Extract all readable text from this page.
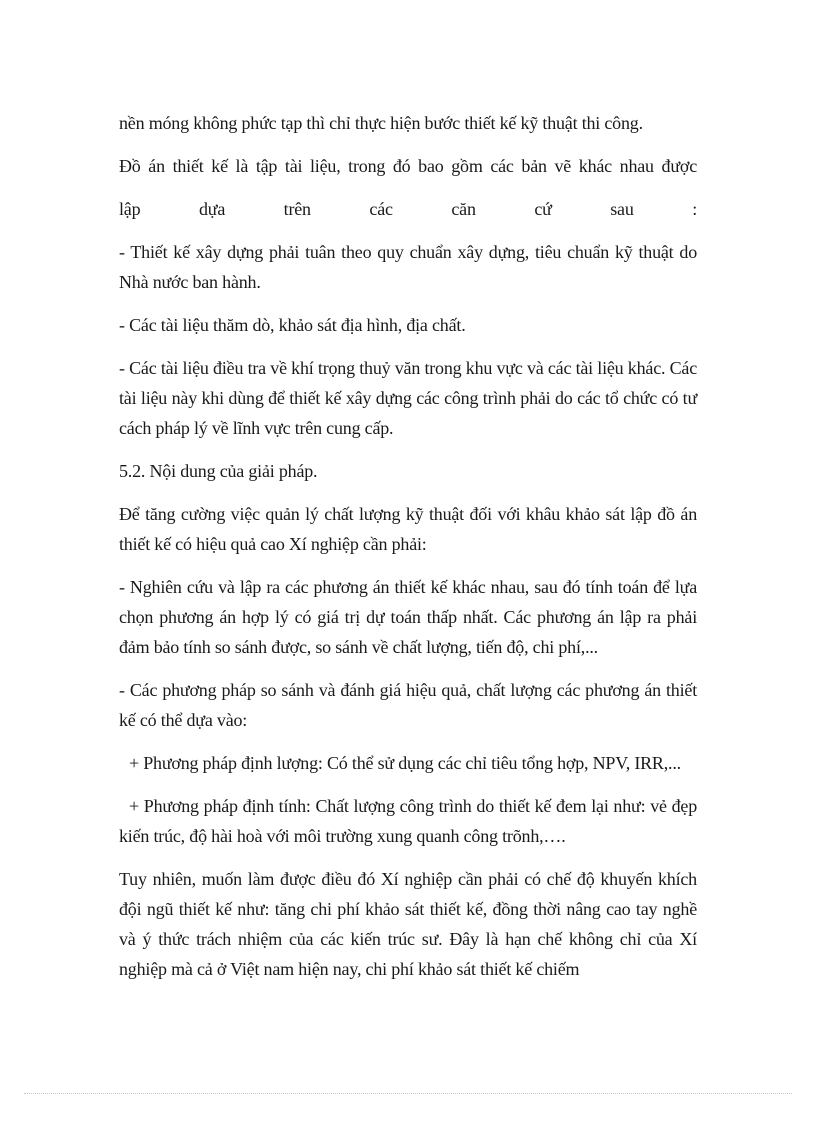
nền móng không phức tạp thì chỉ thực hiện bước thiết kế kỹ thuật thi công.

Đồ án thiết kế là tập tài liệu, trong đó bao gồm các bản vẽ khác nhau được

lập dựa trên các căn cứ sau :

- Thiết kế xây dựng phải tuân theo quy chuẩn xây dựng, tiêu chuẩn kỹ thuật do Nhà nước ban hành.

- Các tài liệu thăm dò, khảo sát địa hình, địa chất.

- Các tài liệu điều tra về khí trọng thuỷ văn trong khu vực và các tài liệu khác. Các tài liệu này khi dùng để thiết kế xây dựng các công trình phải do các tổ chức có tư cách pháp lý về lĩnh vực trên cung cấp.

5.2. Nội dung của giải pháp.

Để tăng cường việc quản lý chất lượng kỹ thuật đối với khâu khảo sát lập đồ án thiết kế có hiệu quả cao Xí nghiệp cần phải:

- Nghiên cứu và lập ra các phương án thiết kế khác nhau, sau đó tính toán để lựa chọn phương án hợp lý có giá trị dự toán thấp nhất. Các phương án lập ra phải đảm bảo tính so sánh được, so sánh về chất lượng, tiến độ, chi phí,...

- Các phương pháp so sánh và đánh giá hiệu quả, chất lượng các phương án thiết kế có thể dựa vào:

+ Phương pháp định lượng: Có thể sử dụng các chỉ tiêu tổng hợp, NPV, IRR,...

+ Phương pháp định tính: Chất lượng công trình do thiết kế đem lại như: vẻ đẹp kiến trúc, độ hài hoà với môi trường xung quanh công trõnh,….

Tuy nhiên, muốn làm được điều đó Xí nghiệp cần phải có chế độ khuyến khích đội ngũ thiết kế như: tăng chi phí khảo sát thiết kế, đồng thời nâng cao tay nghề và ý thức trách nhiệm của các kiến trúc sư. Đây là hạn chế không chỉ của Xí nghiệp mà cả ở Việt nam hiện nay, chi phí khảo sát thiết kế chiếm
